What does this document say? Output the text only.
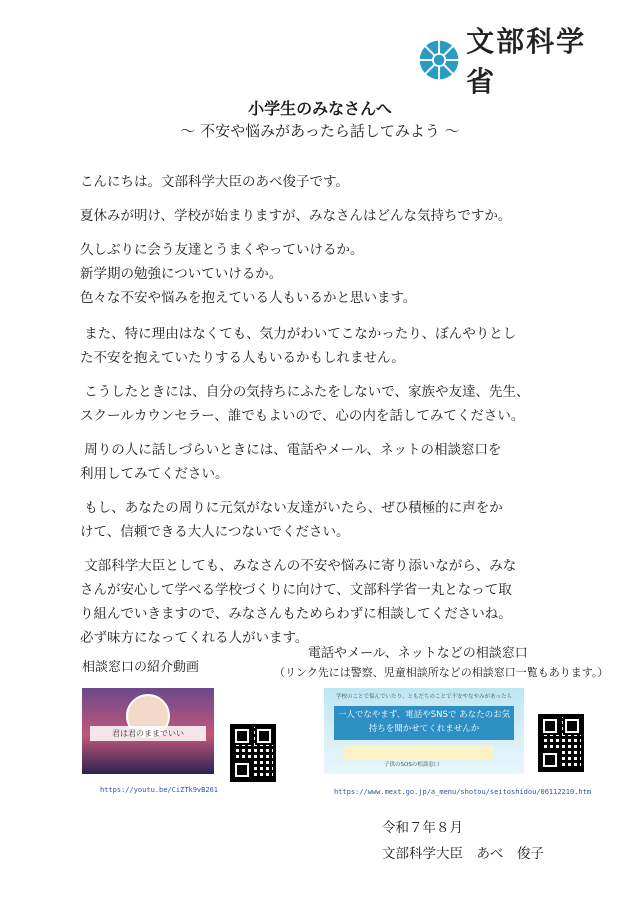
文部科学省
小学生のみなさんへ
～ 不安や悩みがあったら話してみよう ～
こんにちは。文部科学大臣のあべ俊子です。
夏休みが明け、学校が始まりますが、みなさんはどんな気持ちですか。
久しぶりに会う友達とうまくやっていけるか。
新学期の勉強についていけるか。
色々な不安や悩みを抱えている人もいるかと思います。
また、特に理由はなくても、気力がわいてこなかったり、ぼんやりとし
た不安を抱えていたりする人もいるかもしれません。
こうしたときには、自分の気持ちにふたをしないで、家族や友達、先生、
スクールカウンセラー、誰でもよいので、心の内を話してみてください。
周りの人に話しづらいときには、電話やメール、ネットの相談窓口を
利用してみてください。
もし、あなたの周りに元気がない友達がいたら、ぜひ積極的に声をか
けて、信頼できる大人につないでください。
文部科学大臣としても、みなさんの不安や悩みに寄り添いながら、みな
さんが安心して学べる学校づくりに向けて、文部科学省一丸となって取
り組んでいきますので、みなさんもためらわずに相談してくださいね。
必ず味方になってくれる人がいます。
相談窓口の紹介動画
電話やメール、ネットなどの相談窓口
（リンク先には警察、児童相談所などの相談窓口一覧もあります。）
君は君のままでいい
学校のことで悩んでいたり、ともだちのことで不安やなやみがあったら
一人でなやまず、電話やSNSで あなたのお気持ちを聞かせてくれませんか
子供のSOSの相談窓口
https://youtu.be/CiZTk9vB261	https://www.mext.go.jp/a_menu/shotou/seitoshidou/06112210.htm
令和７年８月
文部科学大臣　あべ　俊子
